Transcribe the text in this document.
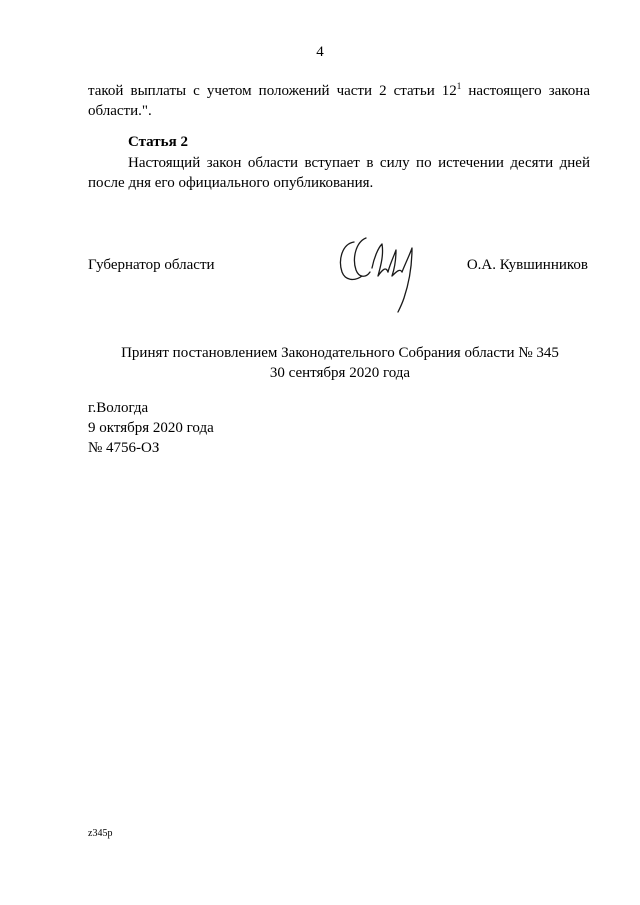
4
такой выплаты с учетом положений части 2 статьи $12^1$ настоящего закона
области.".
Статья 2
Настоящий закон области вступает в силу по истечении десяти дней
после дня его официального опубликования.
Губернатор области	О.А. Кувшинников
Принят постановлением Законодательного Собрания области № 345
30 сентября 2020 года
г.Вологда
9 октября 2020 года
№ 4756-ОЗ
z345p
